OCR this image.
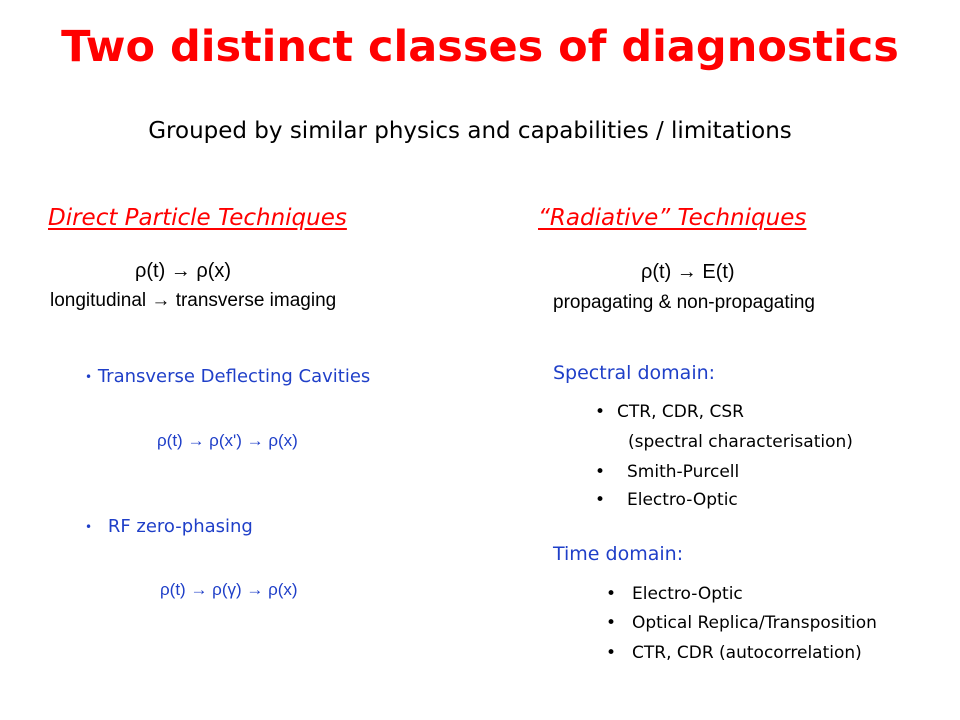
Two distinct classes of diagnostics
Grouped by similar physics and capabilities / limitations
Direct Particle Techniques
ρ(t) → ρ(x)
longitudinal → transverse imaging
• Transverse Deflecting Cavities
ρ(t) → ρ(x') → ρ(x)
• RF zero-phasing
ρ(t) → ρ(γ) → ρ(x)
“Radiative” Techniques
ρ(t) → E(t)
propagating & non-propagating
Spectral domain:
• CTR, CDR, CSR
(spectral characterisation)
• Smith-Purcell
• Electro-Optic
Time domain:
• Electro-Optic
• Optical Replica/Transposition
• CTR, CDR (autocorrelation)
